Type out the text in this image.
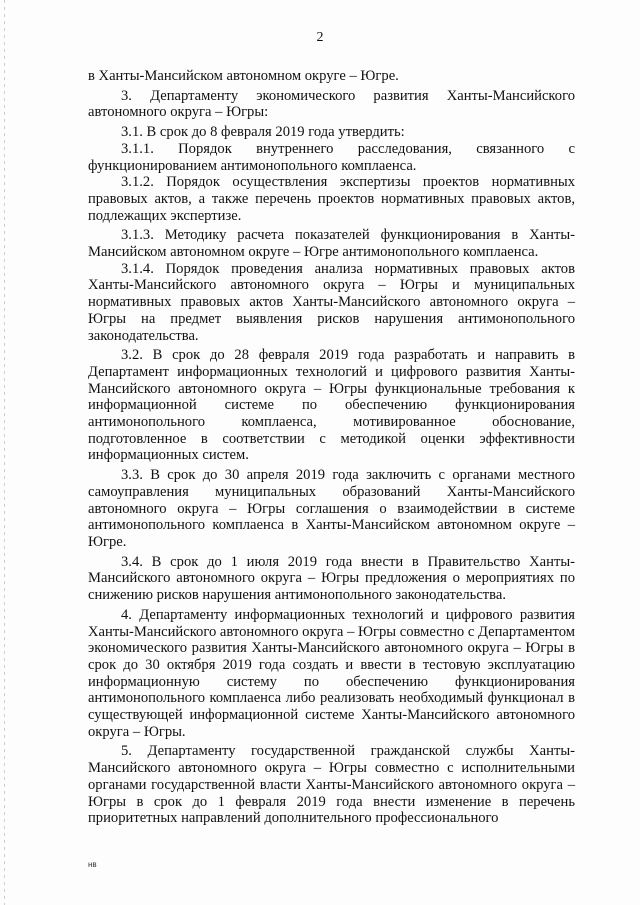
2

в Ханты-Мансийском автономном округе – Югре.

3. Департаменту экономического развития Ханты-Мансийского автономного округа – Югры:

3.1. В срок до 8 февраля 2019 года утвердить:

3.1.1. Порядок внутреннего расследования, связанного с функционированием антимонопольного комплаенса.

3.1.2. Порядок осуществления экспертизы проектов нормативных правовых актов, а также перечень проектов нормативных правовых актов, подлежащих экспертизе.

3.1.3. Методику расчета показателей функционирования в Ханты-Мансийском автономном округе – Югре антимонопольного комплаенса.

3.1.4. Порядок проведения анализа нормативных правовых актов Ханты-Мансийского автономного округа – Югры и муниципальных нормативных правовых актов Ханты-Мансийского автономного округа – Югры на предмет выявления рисков нарушения антимонопольного законодательства.

3.2. В срок до 28 февраля 2019 года разработать и направить в Департамент информационных технологий и цифрового развития Ханты-Мансийского автономного округа – Югры функциональные требования к информационной системе по обеспечению функционирования антимонопольного комплаенса, мотивированное обоснование, подготовленное в соответствии с методикой оценки эффективности информационных систем.

3.3. В срок до 30 апреля 2019 года заключить с органами местного самоуправления муниципальных образований Ханты-Мансийского автономного округа – Югры соглашения о взаимодействии в системе антимонопольного комплаенса в Ханты-Мансийском автономном округе – Югре.

3.4. В срок до 1 июля 2019 года внести в Правительство Ханты-Мансийского автономного округа – Югры предложения о мероприятиях по снижению рисков нарушения антимонопольного законодательства.

4. Департаменту информационных технологий и цифрового развития Ханты-Мансийского автономного округа – Югры совместно с Департаментом экономического развития Ханты-Мансийского автономного округа – Югры в срок до 30 октября 2019 года создать и ввести в тестовую эксплуатацию информационную систему по обеспечению функционирования антимонопольного комплаенса либо реализовать необходимый функционал в существующей информационной системе Ханты-Мансийского автономного округа – Югры.

5. Департаменту государственной гражданской службы Ханты-Мансийского автономного округа – Югры совместно с исполнительными органами государственной власти Ханты-Мансийского автономного округа – Югры в срок до 1 февраля 2019 года внести изменение в перечень приоритетных направлений дополнительного профессионального

нв
